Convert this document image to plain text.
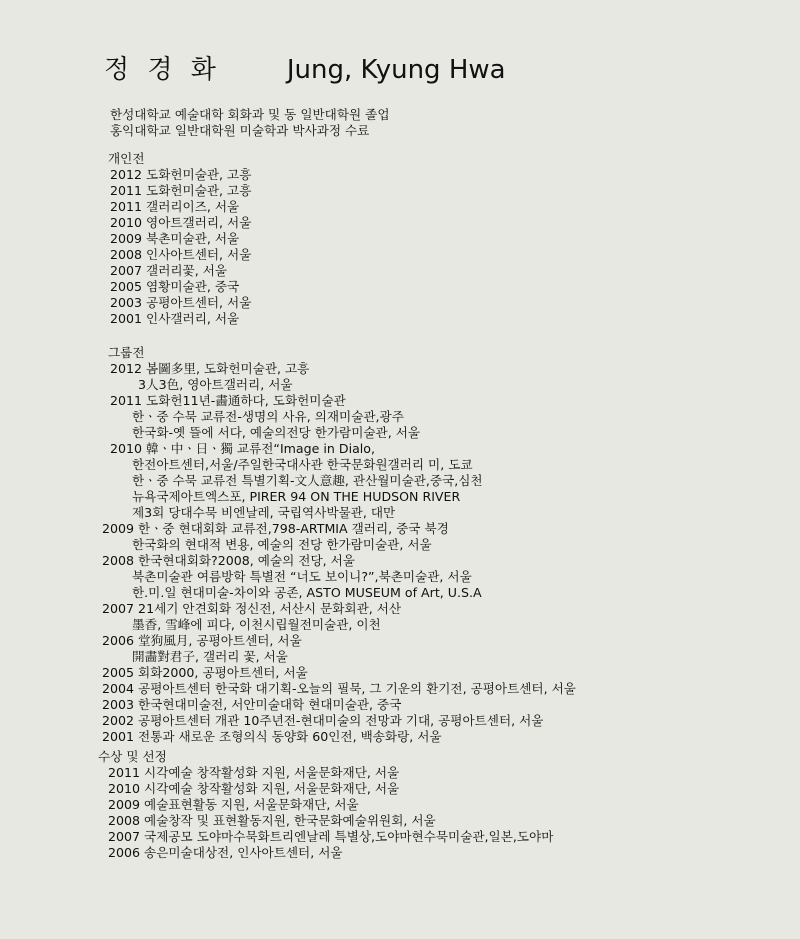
정 경 화	Jung, Kyung Hwa
한성대학교 예술대학 회화과 및 동 일반대학원 졸업
홍익대학교 일반대학원 미술학과 박사과정 수료
개인전
2012 도화헌미술관, 고흥
2011 도화헌미술관, 고흥
2011 갤러리이즈, 서울
2010 영아트갤러리, 서울
2009 북촌미술관, 서울
2008 인사아트센터, 서울
2007 갤러리꽃, 서울
2005 염황미술관, 중국
2003 공평아트센터, 서울
2001 인사갤러리, 서울
그룹전
2012 봄圖多里, 도화헌미술관, 고흥
3人3色, 영아트갤러리, 서울
2011 도화헌11년-畵通하다, 도화헌미술관
한ㆍ중 수묵 교류전-생명의 사유, 의재미술관,광주
한국화-옛 뜰에 서다, 예술의전당 한가람미술관, 서울
2010 韓ㆍ中ㆍ日ㆍ獨 교류전“Image in Dialo,
한전아트센터,서울/주일한국대사관 한국문화원갤러리 미, 도쿄
한ㆍ중 수묵 교류전 특별기획-文人意趣, 관산월미술관,중국,심천
뉴욕국제아트엑스포, PIRER 94 ON THE HUDSON RIVER
제3회 당대수묵 비엔날레, 국립역사박물관, 대만
2009 한ㆍ중 현대회화 교류전,798-ARTMIA 갤러리, 중국 북경
한국화의 현대적 변용, 예술의 전당 한가람미술관, 서울
2008 한국현대회화?2008, 예술의 전당, 서울
북촌미술관 여름방학 특별전 “너도 보이니?”,북촌미술관, 서울
한.미.일 현대미술-차이와 공존, ASTO MUSEUM of Art, U.S.A
2007 21세기 안견회화 정신전, 서산시 문화회관, 서산
墨香, 雪峰에 피다, 이천시립월전미술관, 이천
2006 堂狗風月, 공평아트센터, 서울
開畵對君子, 갤러리 꽃, 서울
2005 회화2000, 공평아트센터, 서울
2004 공평아트센터 한국화 대기획-오늘의 필묵, 그 기운의 환기전, 공평아트센터, 서울
2003 한국현대미술전, 서안미술대학 현대미술관, 중국
2002 공평아트센터 개관 10주년전-현대미술의 전망과 기대, 공평아트센터, 서울
2001 전통과 새로운 조형의식 동양화 60인전, 백송화랑, 서울
수상 및 선정
2011 시각예술 창작활성화 지원, 서울문화재단, 서울
2010 시각예술 창작활성화 지원, 서울문화재단, 서울
2009 예술표현활동 지원, 서울문화재단, 서울
2008 예술창작 및 표현활동지원, 한국문화예술위원회, 서울
2007 국제공모 도야마수묵화트리엔날레 특별상,도야마현수묵미술관,일본,도야마
2006 송은미술대상전, 인사아트센터, 서울
